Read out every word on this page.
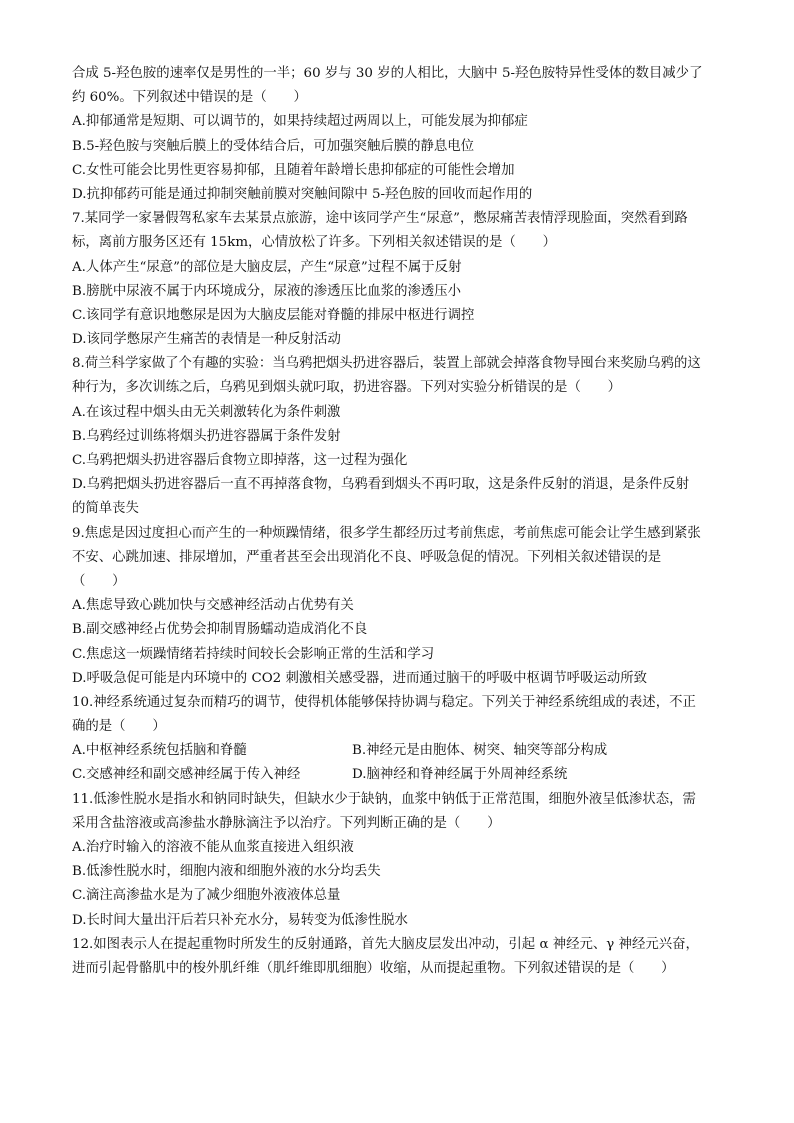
合成 5-羟色胺的速率仅是男性的一半；60 岁与 30 岁的人相比，大脑中 5-羟色胺特异性受体的数目减少了
约 60%。下列叙述中错误的是（　　）
A.抑郁通常是短期、可以调节的，如果持续超过两周以上，可能发展为抑郁症
B.5-羟色胺与突触后膜上的受体结合后，可加强突触后膜的静息电位
C.女性可能会比男性更容易抑郁，且随着年龄增长患抑郁症的可能性会增加
D.抗抑郁药可能是通过抑制突触前膜对突触间隙中 5-羟色胺的回收而起作用的
7.某同学一家暑假驾私家车去某景点旅游，途中该同学产生“尿意”，憋尿痛苦表情浮现脸面，突然看到路
标，离前方服务区还有 15km，心情放松了许多。下列相关叙述错误的是（　　）
A.人体产生“尿意”的部位是大脑皮层，产生“尿意”过程不属于反射
B.膀胱中尿液不属于内环境成分，尿液的渗透压比血浆的渗透压小
C.该同学有意识地憋尿是因为大脑皮层能对脊髓的排尿中枢进行调控
D.该同学憋尿产生痛苦的表情是一种反射活动
8.荷兰科学家做了个有趣的实验：当乌鸦把烟头扔进容器后，装置上部就会掉落食物导囤台来奖励乌鸦的这
种行为，多次训练之后，乌鸦见到烟头就叼取，扔进容器。下列对实验分析错误的是（　　）
A.在该过程中烟头由无关刺激转化为条件刺激
B.乌鸦经过训练将烟头扔进容器属于条件发射
C.乌鸦把烟头扔进容器后食物立即掉落，这一过程为强化
D.乌鸦把烟头扔进容器后一直不再掉落食物，乌鸦看到烟头不再叼取，这是条件反射的消退，是条件反射
的简单丧失
9.焦虑是因过度担心而产生的一种烦躁情绪，很多学生都经历过考前焦虑，考前焦虑可能会让学生感到紧张
不安、心跳加速、排尿增加，严重者甚至会出现消化不良、呼吸急促的情况。下列相关叙述错误的是
（　　）
A.焦虑导致心跳加快与交感神经活动占优势有关
B.副交感神经占优势会抑制胃肠蠕动造成消化不良
C.焦虑这一烦躁情绪若持续时间较长会影响正常的生活和学习
D.呼吸急促可能是内环境中的 CO2 刺激相关感受器，进而通过脑干的呼吸中枢调节呼吸运动所致
10.神经系统通过复杂而精巧的调节，使得机体能够保持协调与稳定。下列关于神经系统组成的表述，不正
确的是（　　）
A.中枢神经系统包括脑和脊髓	B.神经元是由胞体、树突、轴突等部分构成
C.交感神经和副交感神经属于传入神经	D.脑神经和脊神经属于外周神经系统
11.低渗性脱水是指水和钠同时缺失，但缺水少于缺钠，血浆中钠低于正常范围，细胞外液呈低渗状态，需
采用含盐溶液或高渗盐水静脉滴注予以治疗。下列判断正确的是（　　）
A.治疗时输入的溶液不能从血浆直接进入组织液
B.低渗性脱水时，细胞内液和细胞外液的水分均丢失
C.滴注高渗盐水是为了减少细胞外液液体总量
D.长时间大量出汗后若只补充水分，易转变为低渗性脱水
12.如图表示人在提起重物时所发生的反射通路，首先大脑皮层发出冲动，引起 α 神经元、γ 神经元兴奋，
进而引起骨骼肌中的梭外肌纤维（肌纤维即肌细胞）收缩，从而提起重物。下列叙述错误的是（　　）
